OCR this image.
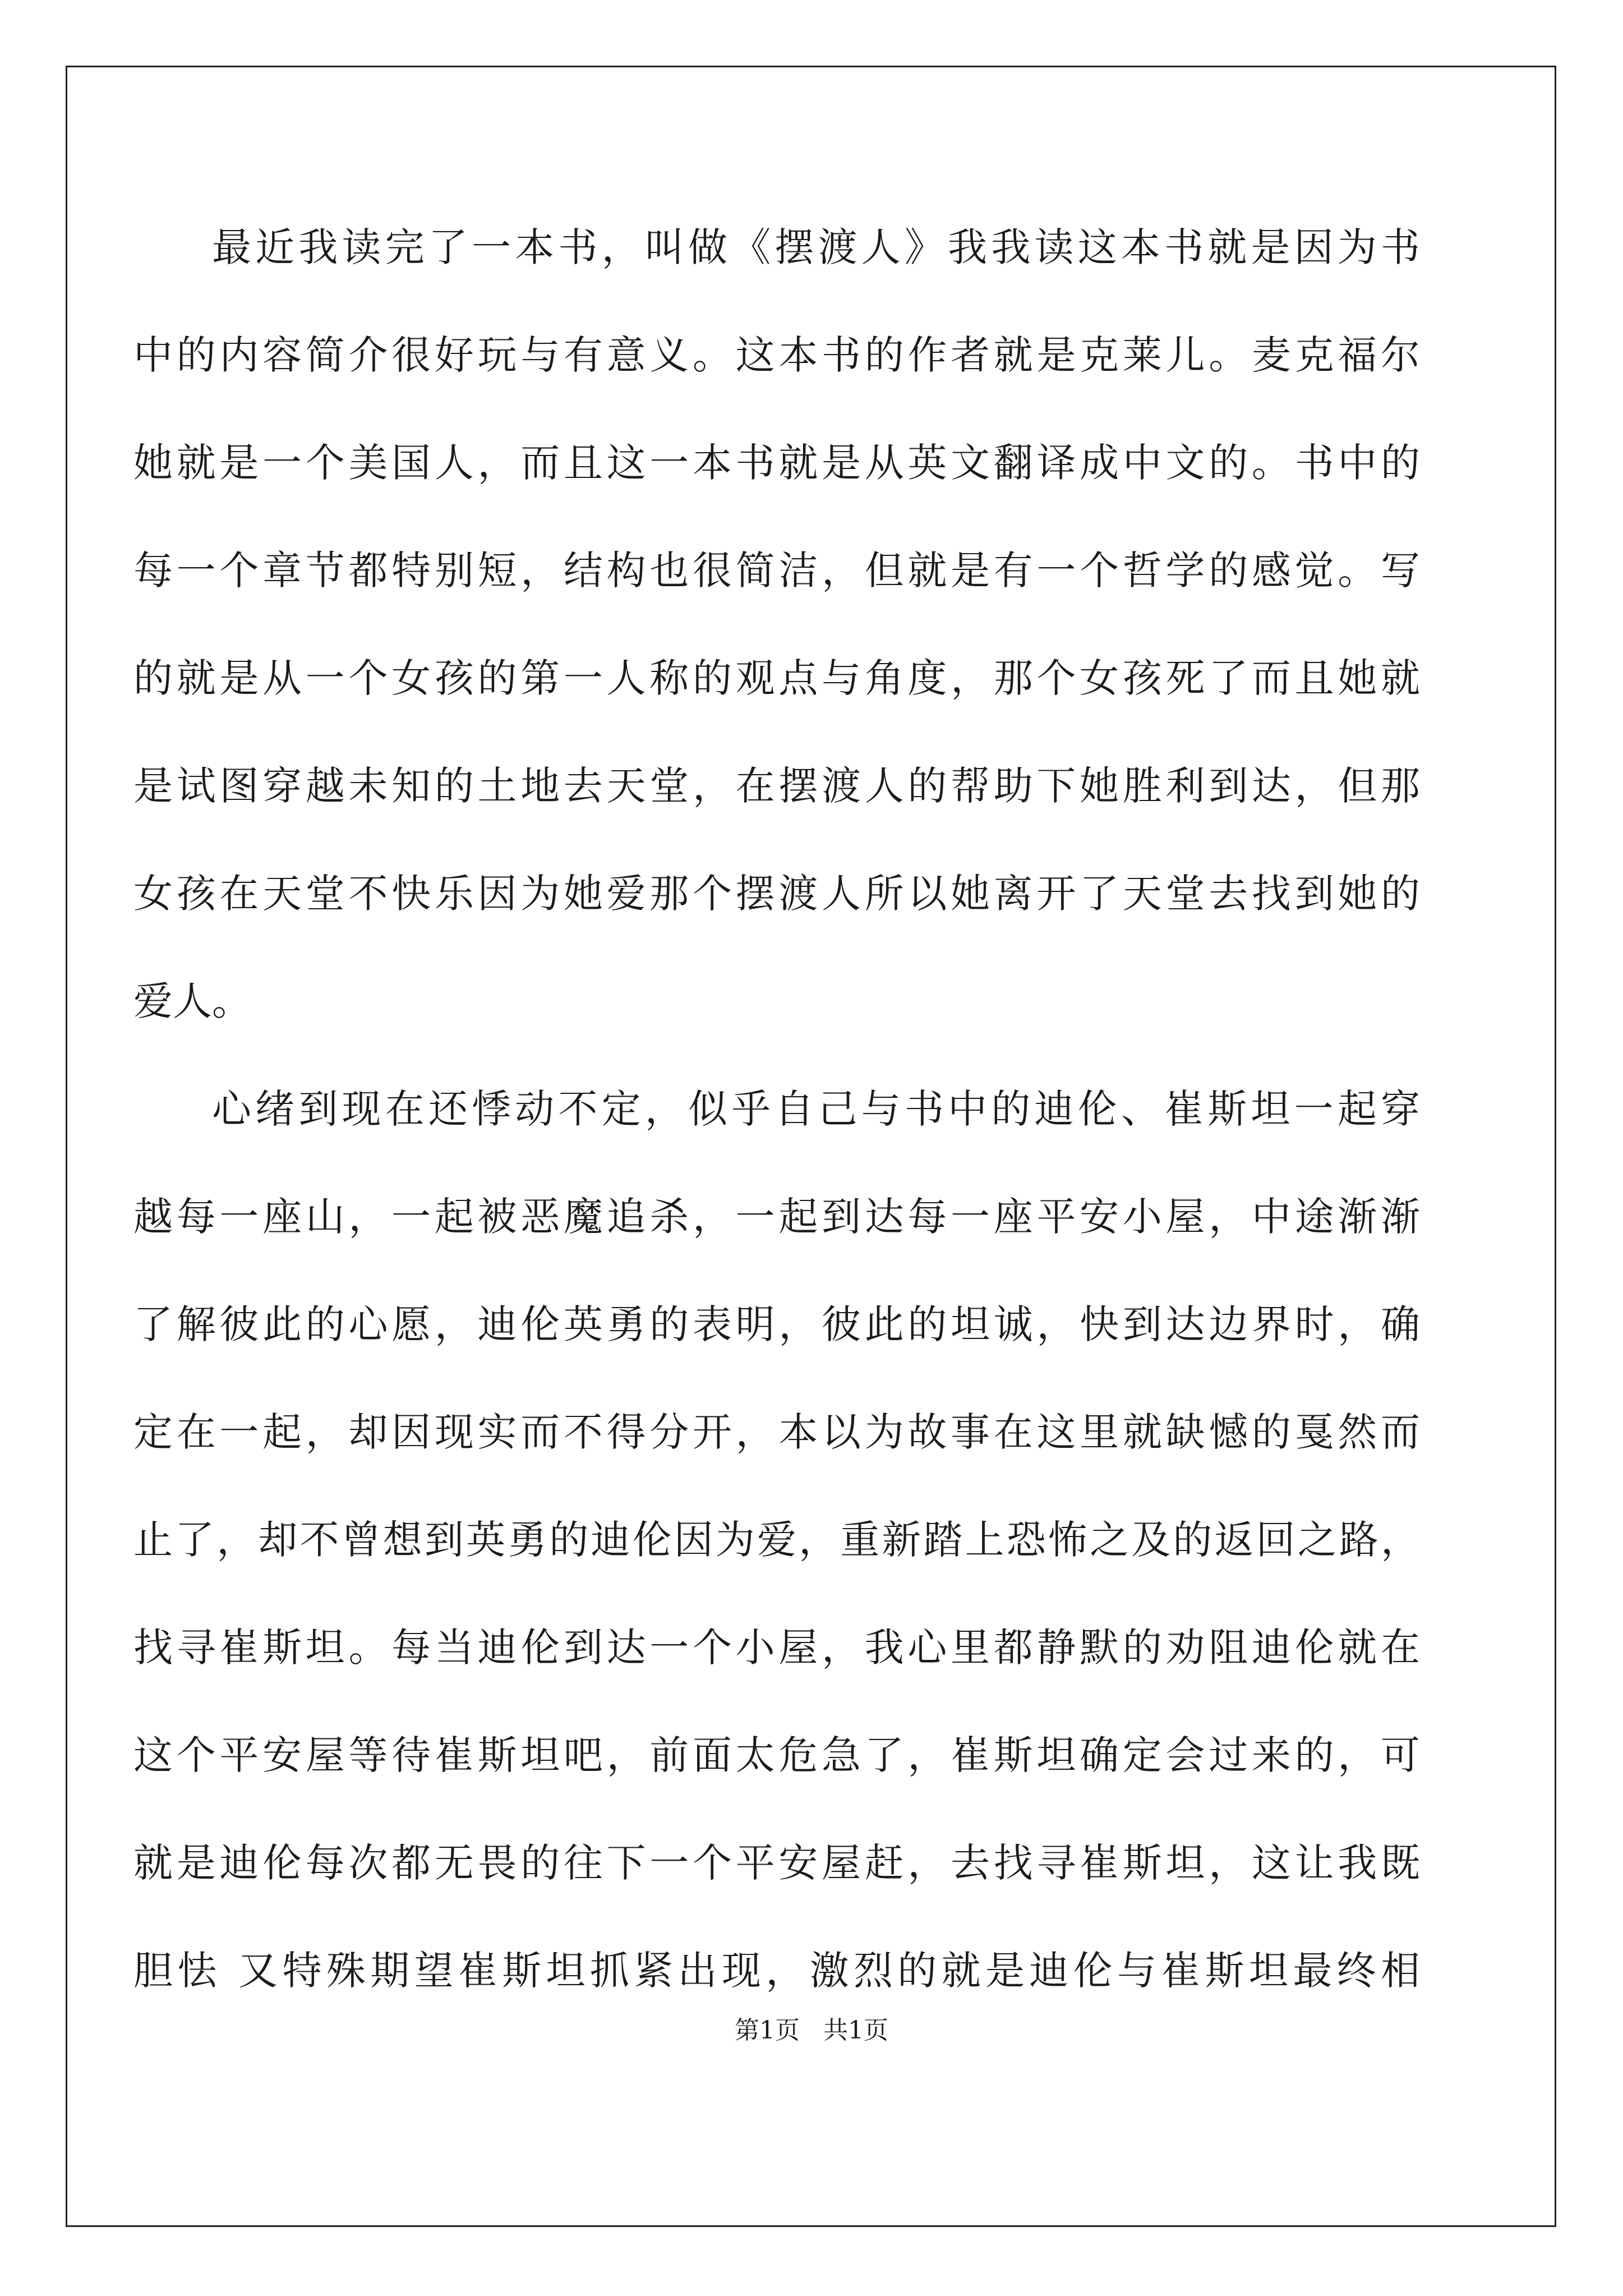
最近我读完了一本书，叫做《摆渡人》我我读这本书就是因为书
中的内容简介很好玩与有意义。这本书的作者就是克莱儿。麦克福尔
她就是一个美国人，而且这一本书就是从英文翻译成中文的。书中的
每一个章节都特别短，结构也很简洁，但就是有一个哲学的感觉。写
的就是从一个女孩的第一人称的观点与角度，那个女孩死了而且她就
是试图穿越未知的土地去天堂，在摆渡人的帮助下她胜利到达，但那
女孩在天堂不快乐因为她爱那个摆渡人所以她离开了天堂去找到她的
爱人。
心绪到现在还悸动不定，似乎自己与书中的迪伦、崔斯坦一起穿
越每一座山，一起被恶魔追杀，一起到达每一座平安小屋，中途渐渐
了解彼此的心愿，迪伦英勇的表明，彼此的坦诚，快到达边界时，确
定在一起，却因现实而不得分开，本以为故事在这里就缺憾的戛然而
止了，却不曾想到英勇的迪伦因为爱，重新踏上恐怖之及的返回之路，
找寻崔斯坦。每当迪伦到达一个小屋，我心里都静默的劝阻迪伦就在
这个平安屋等待崔斯坦吧，前面太危急了，崔斯坦确定会过来的，可
就是迪伦每次都无畏的往下一个平安屋赶，去找寻崔斯坦，这让我既
胆怯 又特殊期望崔斯坦抓紧出现，激烈的就是迪伦与崔斯坦最终相
第1页   共1页
